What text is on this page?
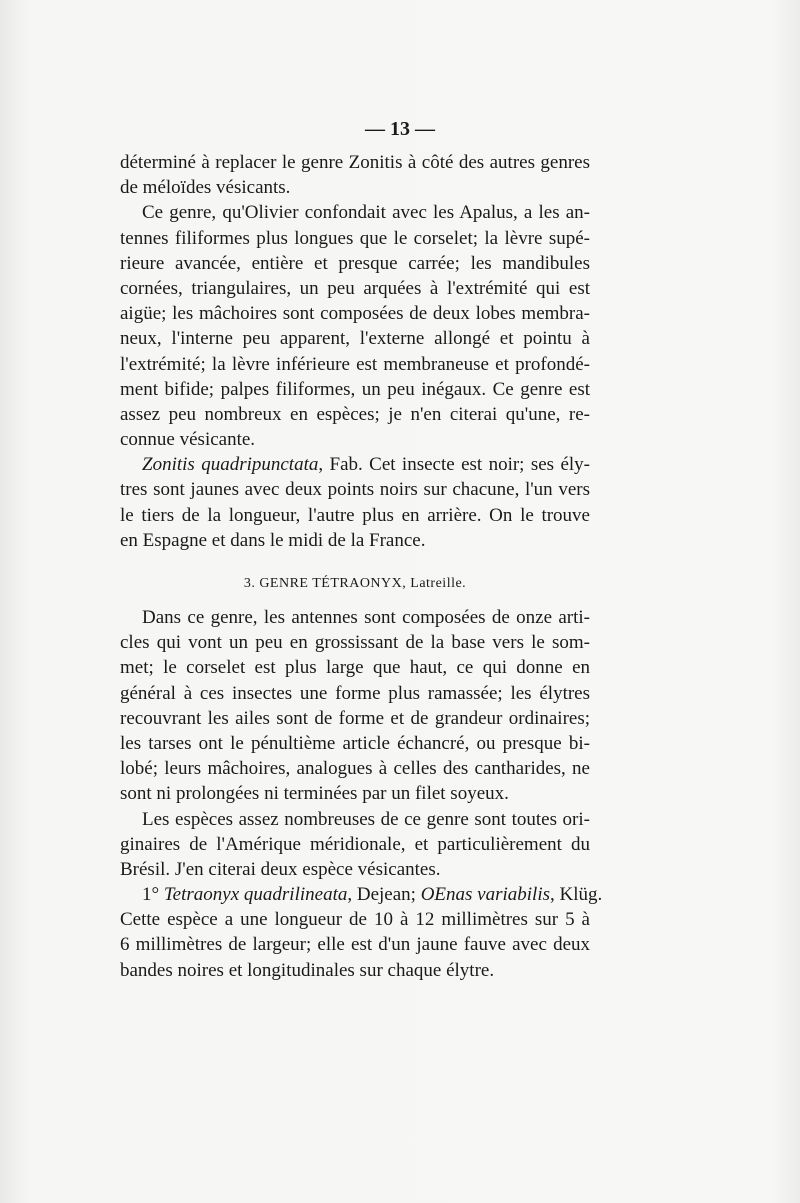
— 13 —
déterminé à replacer le genre Zonitis à côté des autres genres
de méloïdes vésicants.
Ce genre, qu'Olivier confondait avec les Apalus, a les an-
tennes filiformes plus longues que le corselet; la lèvre supé-
rieure avancée, entière et presque carrée; les mandibules
cornées, triangulaires, un peu arquées à l'extrémité qui est
aigüe; les mâchoires sont composées de deux lobes membra-
neux, l'interne peu apparent, l'externe allongé et pointu à
l'extrémité; la lèvre inférieure est membraneuse et profondé-
ment bifide; palpes filiformes, un peu inégaux. Ce genre est
assez peu nombreux en espèces; je n'en citerai qu'une, re-
connue vésicante.
Zonitis quadripunctata, Fab. Cet insecte est noir; ses ély-
tres sont jaunes avec deux points noirs sur chacune, l'un vers
le tiers de la longueur, l'autre plus en arrière. On le trouve
en Espagne et dans le midi de la France.
3. GENRE TÉTRAONYX, Latreille.
Dans ce genre, les antennes sont composées de onze arti-
cles qui vont un peu en grossissant de la base vers le som-
met; le corselet est plus large que haut, ce qui donne en
général à ces insectes une forme plus ramassée; les élytres
recouvrant les ailes sont de forme et de grandeur ordinaires;
les tarses ont le pénultième article échancré, ou presque bi-
lobé; leurs mâchoires, analogues à celles des cantharides, ne
sont ni prolongées ni terminées par un filet soyeux.
Les espèces assez nombreuses de ce genre sont toutes ori-
ginaires de l'Amérique méridionale, et particulièrement du
Brésil. J'en citerai deux espèce vésicantes.
1° Tetraonyx quadrilineata, Dejean; OEnas variabilis, Klüg.
Cette espèce a une longueur de 10 à 12 millimètres sur 5 à
6 millimètres de largeur; elle est d'un jaune fauve avec deux
bandes noires et longitudinales sur chaque élytre.
